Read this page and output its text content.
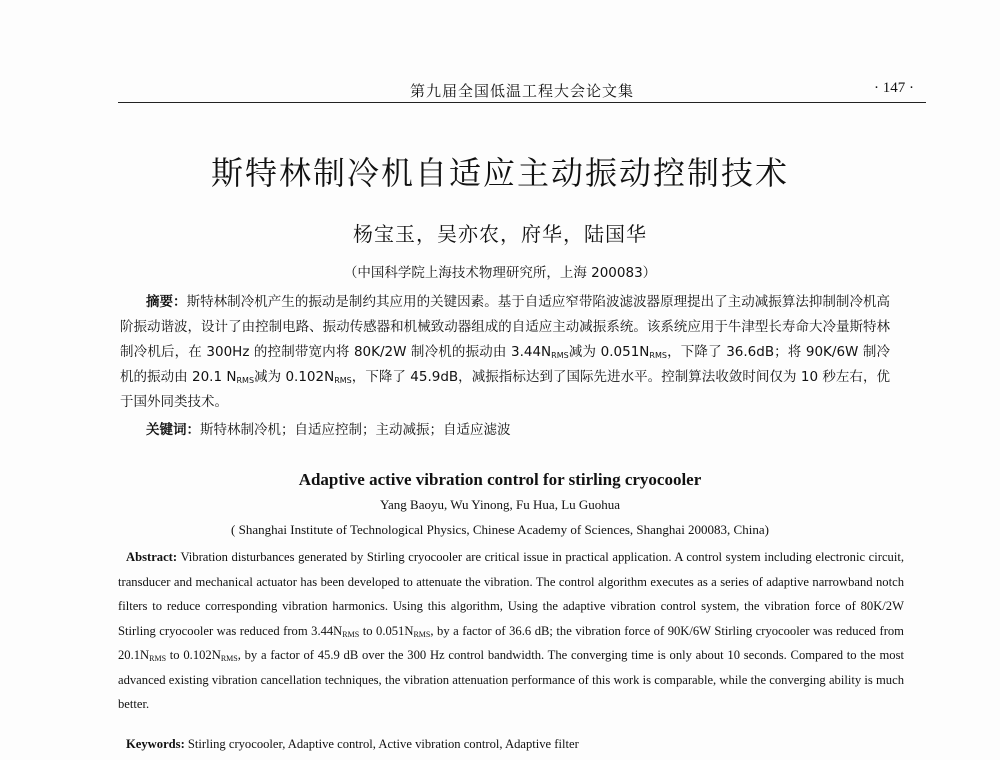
第九届全国低温工程大会论文集	· 147 ·
斯特林制冷机自适应主动振动控制技术
杨宝玉，吴亦农，府华，陆国华
（中国科学院上海技术物理研究所，上海 200083）

摘要：斯特林制冷机产生的振动是制约其应用的关键因素。基于自适应窄带陷波滤波器原理提出了主动减振算法抑制制冷机高阶振动谐波，设计了由控制电路、振动传感器和机械致动器组成的自适应主动减振系统。该系统应用于牛津型长寿命大冷量斯特林制冷机后，在 300Hz 的控制带宽内将 80K/2W 制冷机的振动由 $3.44N_{RMS}$减为 $0.051N_{RMS}$，下降了 36.6dB；将 90K/6W 制冷机的振动由 20.1 $N_{RMS}$减为 $0.102N_{RMS}$，下降了 45.9dB，减振指标达到了国际先进水平。控制算法收敛时间仅为 10 秒左右，优于国外同类技术。

关键词：斯特林制冷机；自适应控制；主动减振；自适应滤波

Adaptive active vibration control for stirling cryocooler
Yang Baoyu, Wu Yinong, Fu Hua, Lu Guohua
( Shanghai Institute of Technological Physics, Chinese Academy of Sciences, Shanghai 200083, China)

Abstract: Vibration disturbances generated by Stirling cryocooler are critical issue in practical application. A control system including electronic circuit, transducer and mechanical actuator has been developed to attenuate the vibration. The control algorithm executes as a series of adaptive narrowband notch filters to reduce corresponding vibration harmonics. Using this algorithm, Using the adaptive vibration control system, the vibration force of 80K/2W Stirling cryocooler was reduced from $3.44N_{RMS}$ to $0.051N_{RMS}$, by a factor of 36.6 dB; the vibration force of 90K/6W Stirling cryocooler was reduced from $20.1N_{RMS}$ to $0.102N_{RMS}$, by a factor of 45.9 dB over the 300 Hz control bandwidth. The converging time is only about 10 seconds. Compared to the most advanced existing vibration cancellation techniques, the vibration attenuation performance of this work is comparable, while the converging ability is much better.

Keywords: Stirling cryocooler, Adaptive control, Active vibration control, Adaptive filter
